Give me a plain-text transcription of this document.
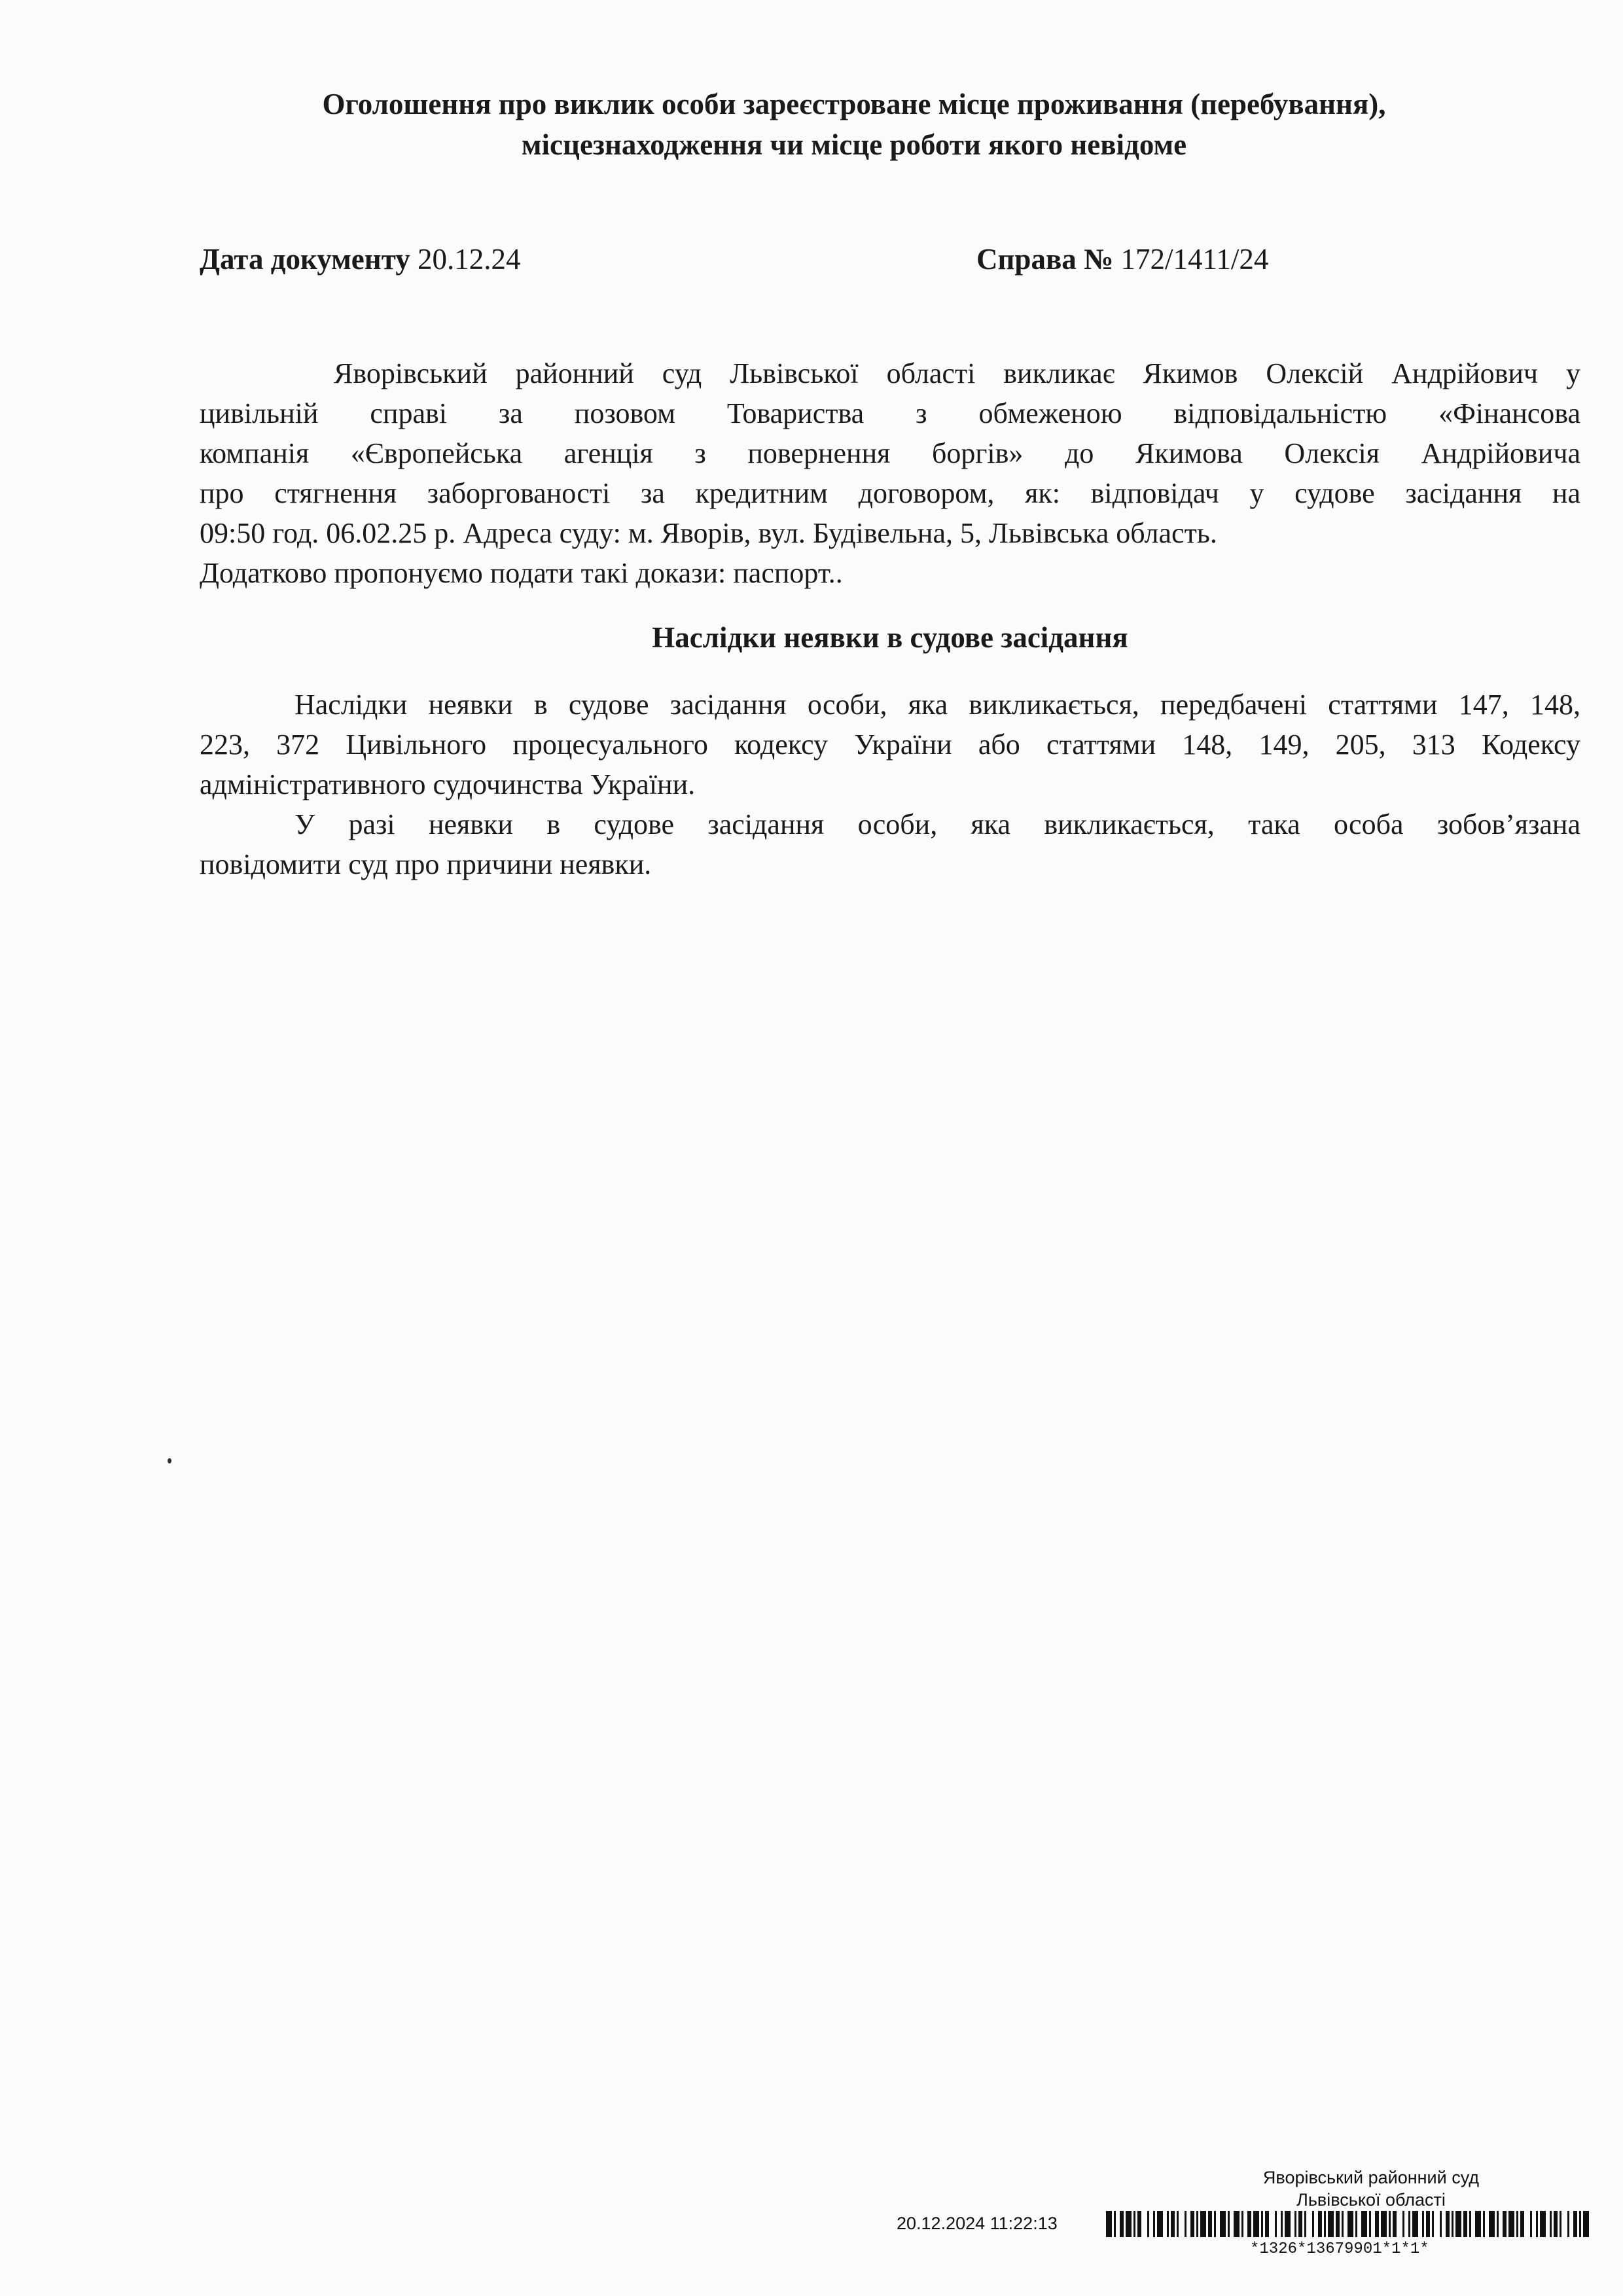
Оголошення про виклик особи зареєстроване місце проживання (перебування),
місцезнаходження чи місце роботи якого невідоме
Дата документу 20.12.24	Справа № 172/1411/24
Яворівський районний суд Львівської області викликає Якимов Олексій Андрійович у
цивільній справі за позовом Товариства з обмеженою відповідальністю «Фінансова
компанія «Європейська агенція з повернення боргів» до Якимова Олексія Андрійовича
про стягнення заборгованості за кредитним договором, як: відповідач у судове засідання на
09:50 год. 06.02.25 р. Адреса суду: м. Яворів, вул. Будівельна, 5, Львівська область.
Додатково пропонуємо подати такі докази: паспорт..
Наслідки неявки в судове засідання
Наслідки неявки в судове засідання особи, яка викликається, передбачені статтями 147, 148,
223, 372 Цивільного процесуального кодексу України або статтями 148, 149, 205, 313 Кодексу
адміністративного судочинства України.
У разі неявки в судове засідання особи, яка викликається, така особа зобов’язана
повідомити суд про причини неявки.
Яворівський районний суд
Львівської області
20.12.2024 11:22:13
*1326*13679901*1*1*
